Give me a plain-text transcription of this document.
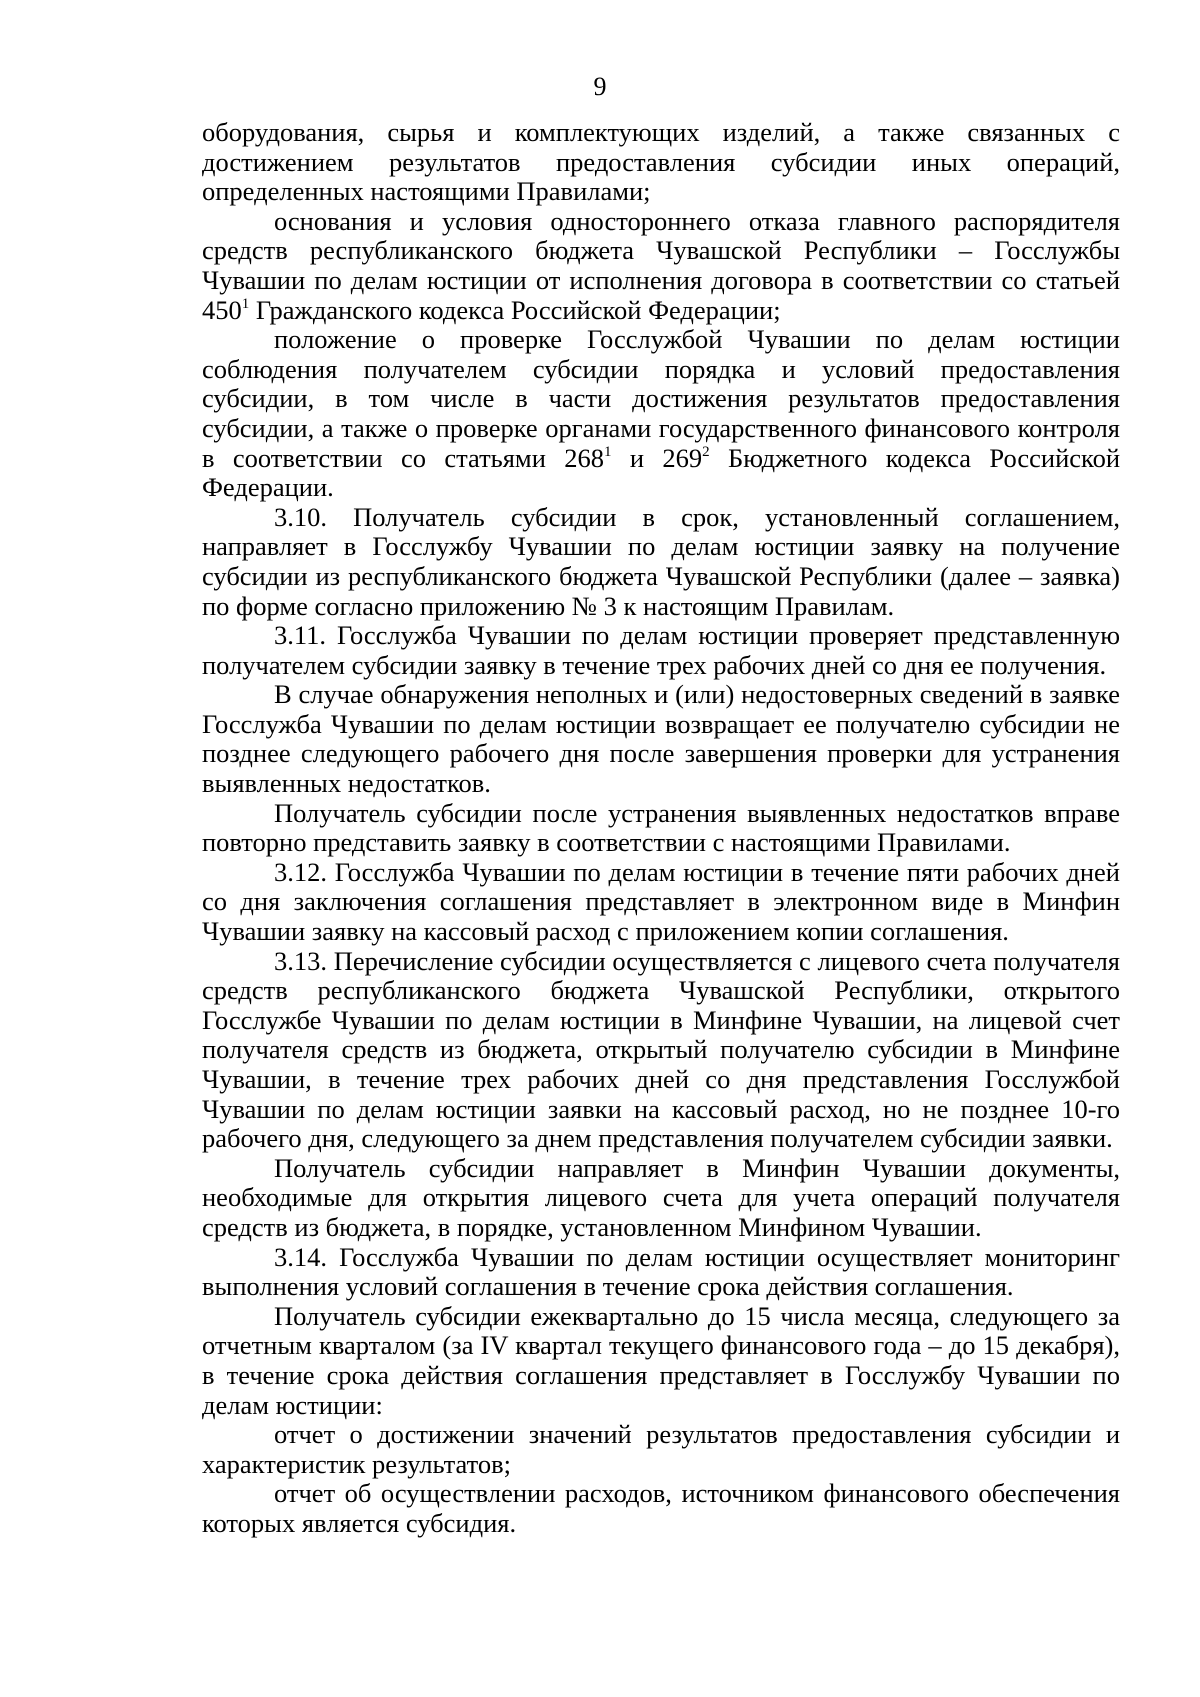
9

оборудования, сырья и комплектующих изделий, а также связанных с достижением результатов предоставления субсидии иных операций, определенных настоящими Правилами;

основания и условия одностороннего отказа главного распорядителя средств республиканского бюджета Чувашской Республики – Госслужбы Чувашии по делам юстиции от исполнения договора в соответствии со статьей $450^1$ Гражданского кодекса Российской Федерации;

положение о проверке Госслужбой Чувашии по делам юстиции соблюдения получателем субсидии порядка и условий предоставления субсидии, в том числе в части достижения результатов предоставления субсидии, а также о проверке органами государственного финансового контроля в соответствии со статьями $268^1$ и $269^2$ Бюджетного кодекса Российской Федерации.

3.10. Получатель субсидии в срок, установленный соглашением, направляет в Госслужбу Чувашии по делам юстиции заявку на получение субсидии из республиканского бюджета Чувашской Республики (далее – заявка) по форме согласно приложению № 3 к настоящим Правилам.

3.11. Госслужба Чувашии по делам юстиции проверяет представленную получателем субсидии заявку в течение трех рабочих дней со дня ее получения.

В случае обнаружения неполных и (или) недостоверных сведений в заявке Госслужба Чувашии по делам юстиции возвращает ее получателю субсидии не позднее следующего рабочего дня после завершения проверки для устранения выявленных недостатков.

Получатель субсидии после устранения выявленных недостатков вправе повторно представить заявку в соответствии с настоящими Правилами.

3.12. Госслужба Чувашии по делам юстиции в течение пяти рабочих дней со дня заключения соглашения представляет в электронном виде в Минфин Чувашии заявку на кассовый расход с приложением копии соглашения.

3.13. Перечисление субсидии осуществляется с лицевого счета получателя средств республиканского бюджета Чувашской Республики, открытого Госслужбе Чувашии по делам юстиции в Минфине Чувашии, на лицевой счет получателя средств из бюджета, открытый получателю субсидии в Минфине Чувашии, в течение трех рабочих дней со дня представления Госслужбой Чувашии по делам юстиции заявки на кассовый расход, но не позднее 10-го рабочего дня, следующего за днем представления получателем субсидии заявки.

Получатель субсидии направляет в Минфин Чувашии документы, необходимые для открытия лицевого счета для учета операций получателя средств из бюджета, в порядке, установленном Минфином Чувашии.

3.14. Госслужба Чувашии по делам юстиции осуществляет мониторинг выполнения условий соглашения в течение срока действия соглашения.

Получатель субсидии ежеквартально до 15 числа месяца, следующего за отчетным кварталом (за IV квартал текущего финансового года – до 15 декабря), в течение срока действия соглашения представляет в Госслужбу Чувашии по делам юстиции:

отчет о достижении значений результатов предоставления субсидии и характеристик результатов;

отчет об осуществлении расходов, источником финансового обеспечения которых является субсидия.
